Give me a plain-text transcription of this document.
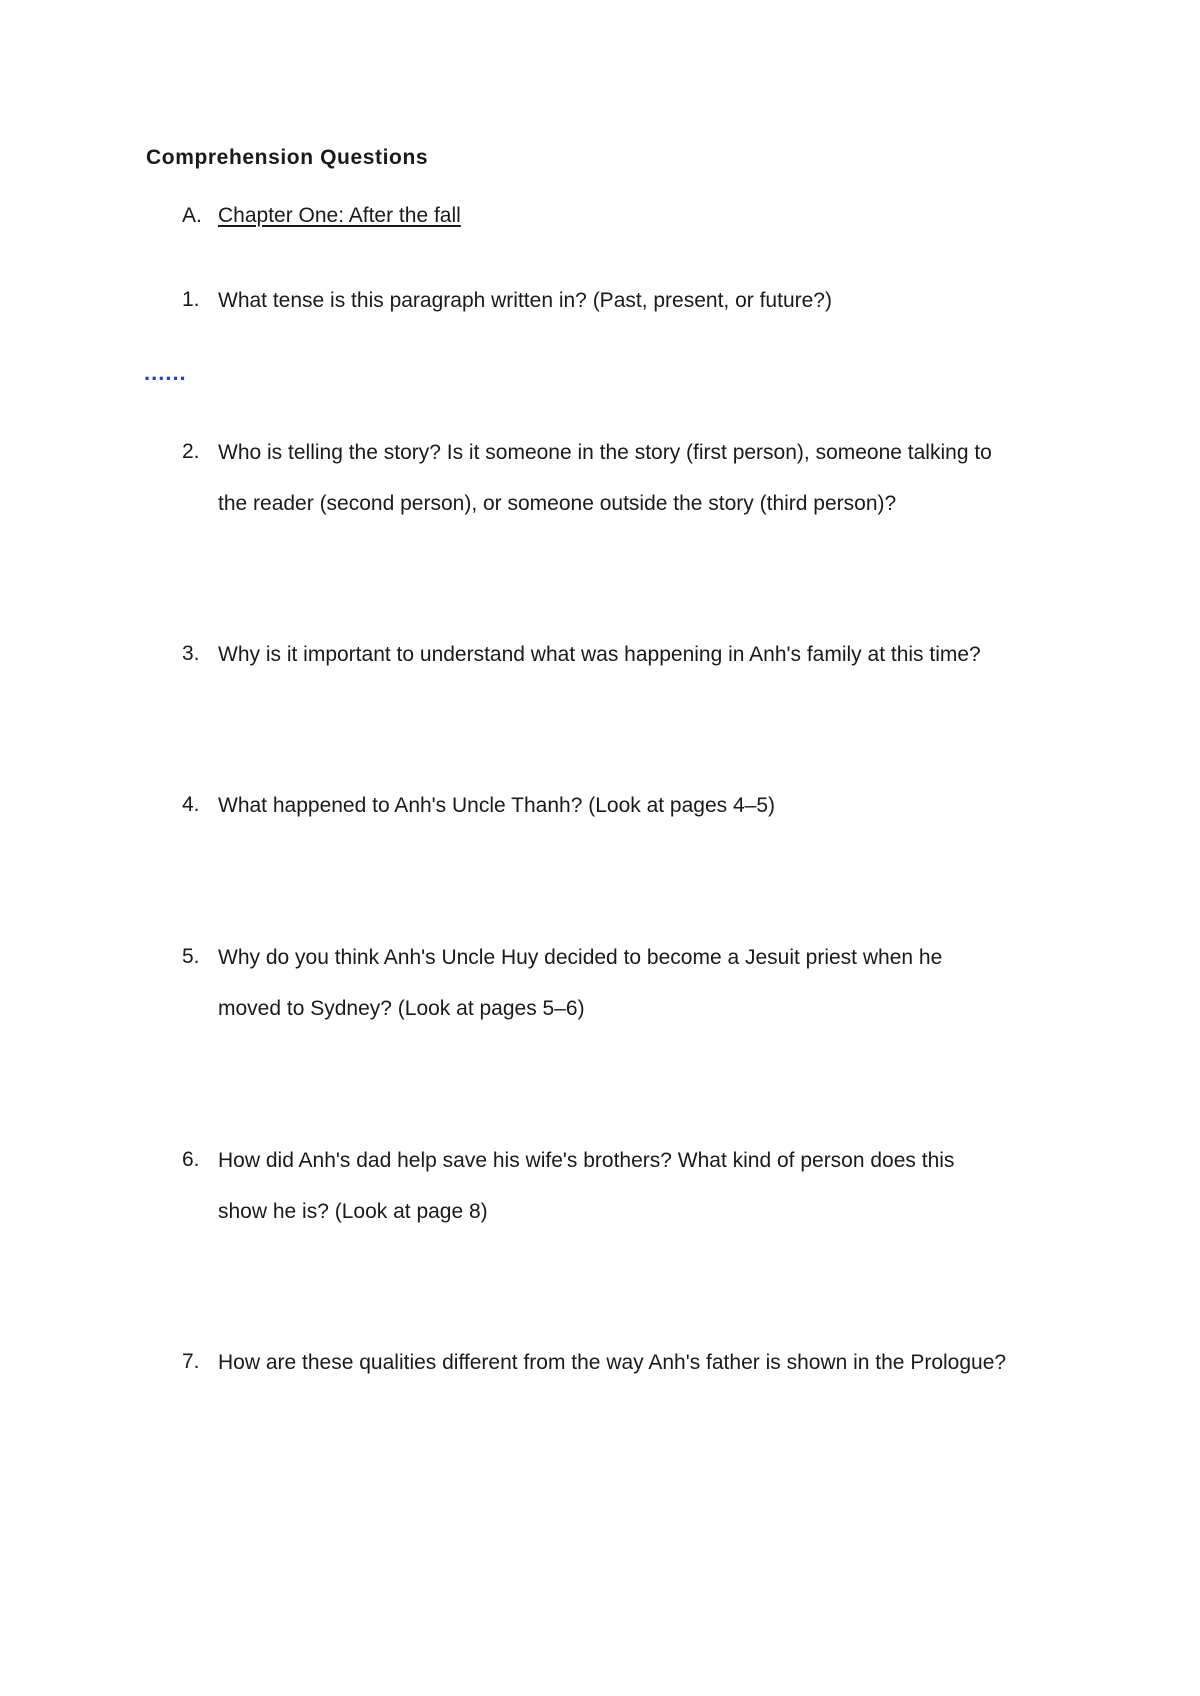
Comprehension Questions
A. Chapter One: After the fall
......
1. What tense is this paragraph written in? (Past, present, or future?)
2. Who is telling the story? Is it someone in the story (first person), someone talking to
the reader (second person), or someone outside the story (third person)?
3. Why is it important to understand what was happening in Anh's family at this time?
4. What happened to Anh's Uncle Thanh? (Look at pages 4–5)
5. Why do you think Anh's Uncle Huy decided to become a Jesuit priest when he
moved to Sydney? (Look at pages 5–6)
6. How did Anh's dad help save his wife's brothers? What kind of person does this
show he is? (Look at page 8)
7. How are these qualities different from the way Anh's father is shown in the Prologue?
